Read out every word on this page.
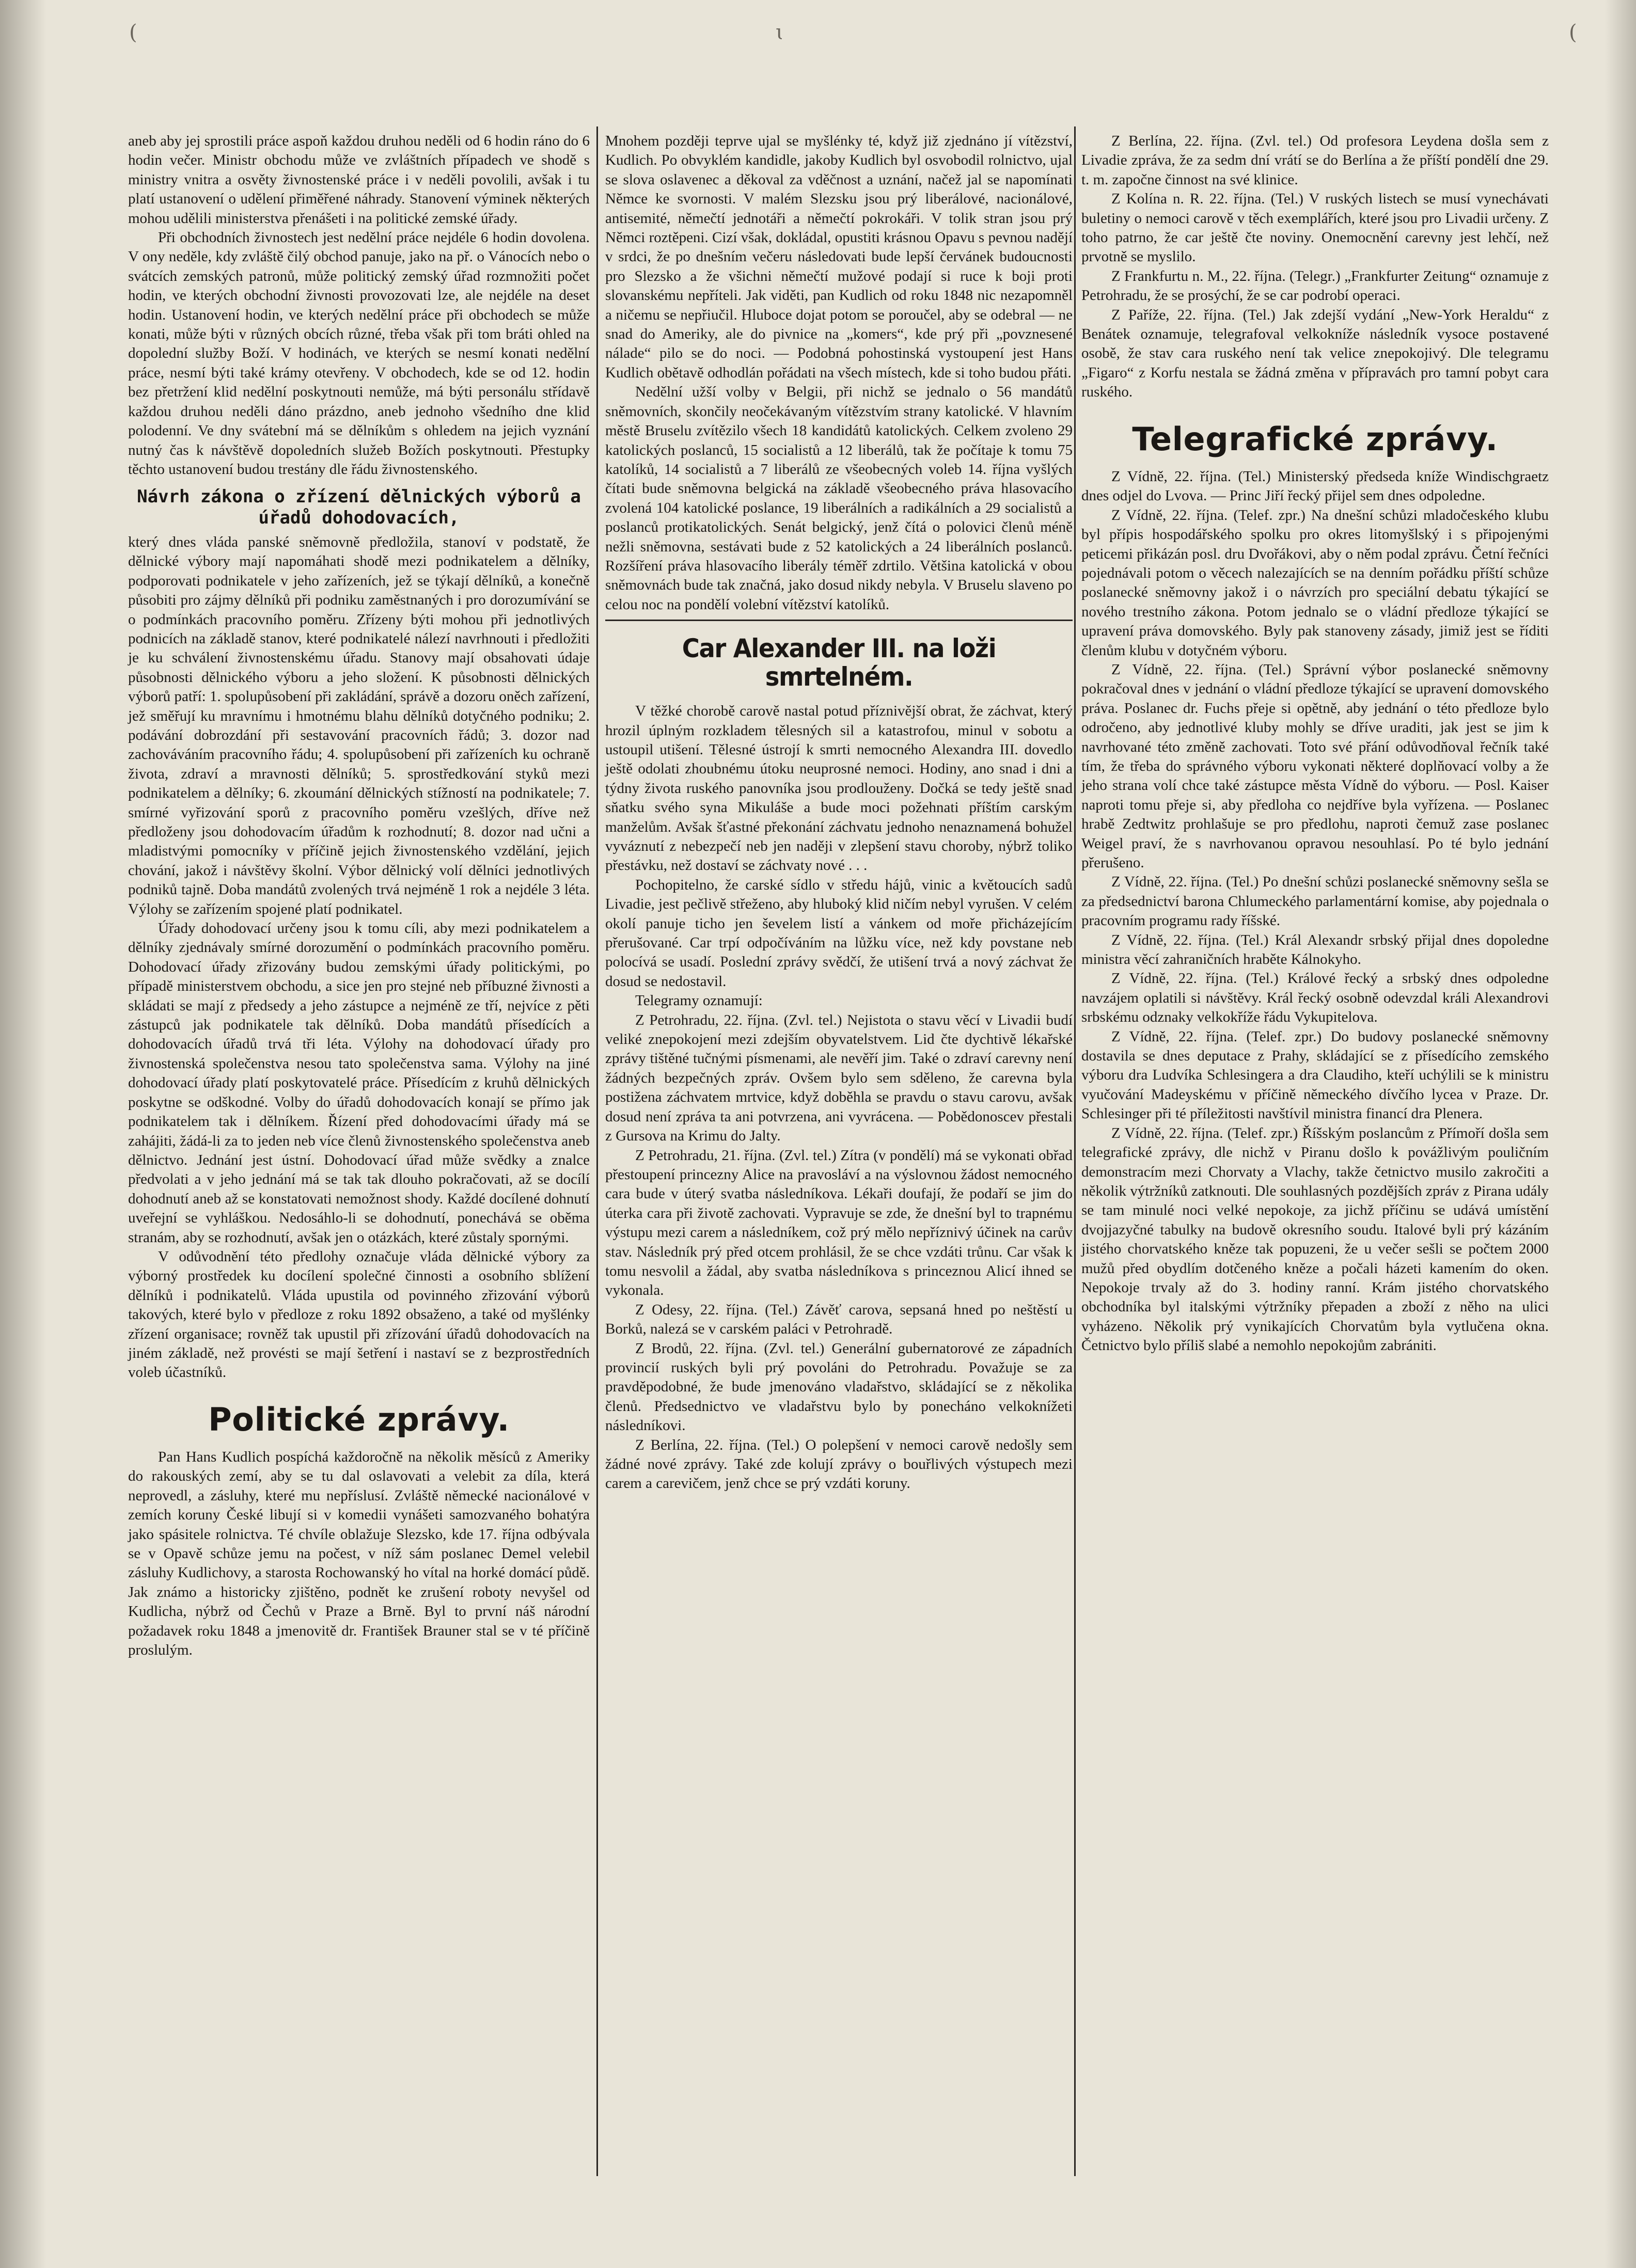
(	ɩ	(

aneb aby jej sprostili práce aspoň každou druhou neděli od 6 hodin ráno do 6 hodin večer. Ministr obchodu může ve zvláštních případech ve shodě s ministry vnitra a osvěty živnostenské práce i v neděli povolili, avšak i tu platí ustanovení o udělení přiměřené náhrady. Stanovení výminek některých mohou udělili ministerstva přenášeti i na politické zemské úřady.

Při obchodních živnostech jest nedělní práce nejdéle 6 hodin dovolena. V ony neděle, kdy zvláště čilý obchod panuje, jako na př. o Vánocích nebo o svátcích zemských patronů, může politický zemský úřad rozmnožiti počet hodin, ve kterých obchodní živnosti provozovati lze, ale nejdéle na deset hodin. Ustanovení hodin, ve kterých nedělní práce při obchodech se může konati, může býti v různých obcích různé, třeba však při tom bráti ohled na dopolední služby Boží. V hodinách, ve kterých se nesmí konati nedělní práce, nesmí býti také krámy otevřeny. V obchodech, kde se od 12. hodin bez přetržení klid nedělní poskytnouti nemůže, má býti personálu střídavě každou druhou neděli dáno prázdno, aneb jednoho všedního dne klid polodenní. Ve dny svátební má se dělníkům s ohledem na jejich vyznání nutný čas k návštěvě dopoledních služeb Božích poskytnouti. Přestupky těchto ustanovení budou trestány dle řádu živnostenského.

Návrh zákona o zřízení dělnických výborů a úřadů dohodovacích,

který dnes vláda panské sněmovně předložila, stanoví v podstatě, že dělnické výbory mají napomáhati shodě mezi podnikatelem a dělníky, podporovati podnikatele v jeho zařízeních, jež se týkají dělníků, a konečně působiti pro zájmy dělníků při podniku zaměstnaných i pro dorozumívání se o podmínkách pracovního poměru. Zřízeny býti mohou při jednotlivých podnicích na základě stanov, které podnikatelé nálezí navrhnouti i předložiti je ku schválení živnostenskému úřadu. Stanovy mají obsahovati údaje působnosti dělnického výboru a jeho složení. K působnosti dělnických výborů patří: 1. spolupůsobení při zakládání, správě a dozoru oněch zařízení, jež směřují ku mravnímu i hmotnému blahu dělníků dotyčného podniku; 2. podávání dobrozdání při sestavování pracovních řádů; 3. dozor nad zachováváním pracovního řádu; 4. spolupůsobení při zařízeních ku ochraně života, zdraví a mravnosti dělníků; 5. sprostředkování styků mezi podnikatelem a dělníky; 6. zkoumání dělnických stížností na podnikatele; 7. smírné vyřizování sporů z pracovního poměru vzešlých, dříve než předloženy jsou dohodovacím úřadům k rozhodnutí; 8. dozor nad učni a mladistvými pomocníky v příčině jejich živnostenského vzdělání, jejich chování, jakož i návštěvy školní. Výbor dělnický volí dělníci jednotlivých podniků tajně. Doba mandátů zvolených trvá nejméně 1 rok a nejdéle 3 léta. Výlohy se zařízením spojené platí podnikatel.

Úřady dohodovací určeny jsou k tomu cíli, aby mezi podnikatelem a dělníky zjednávaly smírné dorozumění o podmínkách pracovního poměru. Dohodovací úřady zřizovány budou zemskými úřady politickými, po případě ministerstvem obchodu, a sice jen pro stejné neb příbuzné živnosti a skládati se mají z předsedy a jeho zástupce a nejméně ze tří, nejvíce z pěti zástupců jak podnikatele tak dělníků. Doba mandátů přísedících a dohodovacích úřadů trvá tři léta. Výlohy na dohodovací úřady pro živnostenská společenstva nesou tato společenstva sama. Výlohy na jiné dohodovací úřady platí poskytovatelé práce. Přísedícím z kruhů dělnických poskytne se odškodné. Volby do úřadů dohodovacích konají se přímo jak podnikatelem tak i dělníkem. Řízení před dohodovacími úřady má se zahájiti, žádá-li za to jeden neb více členů živnostenského společenstva aneb dělnictvo. Jednání jest ústní. Dohodovací úřad může svědky a znalce předvolati a v jeho jednání má se tak tak dlouho pokračovati, až se docílí dohodnutí aneb až se konstatovati nemožnost shody. Každé docílené dohnutí uveřejní se vyhláškou. Nedosáhlo-li se dohodnutí, ponechává se oběma stranám, aby se rozhodnutí, avšak jen o otázkách, které zůstaly spornými.

V odůvodnění této předlohy označuje vláda dělnické výbory za výborný prostředek ku docílení společné činnosti a osobního sblížení dělníků i podnikatelů. Vláda upustila od povinného zřizování výborů takových, které bylo v předloze z roku 1892 obsaženo, a také od myšlénky zřízení organisace; rovněž tak upustil při zřízování úřadů dohodovacích na jiném základě, než provésti se mají šetření i nastaví se z bezprostředních voleb účastníků.

Politické zprávy.

Pan Hans Kudlich pospíchá každoročně na několik měsíců z Ameriky do rakouských zemí, aby se tu dal oslavovati a velebit za díla, která neprovedl, a zásluhy, které mu nepříslusí. Zvláště německé nacionálové v zemích koruny České libují si v komedii vynášeti samozvaného bohatýra jako spásitele rolnictva. Té chvíle oblažuje Slezsko, kde 17. října odbývala se v Opavě schůze jemu na počest, v níž sám poslanec Demel velebil zásluhy Kudlichovy, a starosta Rochowanský ho vítal na horké domácí půdě. Jak známo a historicky zjištěno, podnět ke zrušení roboty nevyšel od Kudlicha, nýbrž od Čechů v Praze a Brně. Byl to první náš národní požadavek roku 1848 a jmenovitě dr. František Brauner stal se v té příčině proslulým.

Mnohem později teprve ujal se myšlénky té, když již zjednáno jí vítězství, Kudlich. Po obvyklém kandidle, jakoby Kudlich byl osvobodil rolnictvo, ujal se slova oslavenec a děkoval za vděčnost a uznání, načež jal se napomínati Němce ke svornosti. V malém Slezsku jsou prý liberálové, nacionálové, antisemité, němečtí jednotáři a němečtí pokrokáři. V tolik stran jsou prý Němci roztěpeni. Cizí však, dokládal, opustiti krásnou Opavu s pevnou nadějí v srdci, že po dnešním večeru následovati bude lepší červánek budoucnosti pro Slezsko a že všichni němečtí mužové podají si ruce k boji proti slovanskému nepříteli. Jak viděti, pan Kudlich od roku 1848 nic nezapomněl a ničemu se nepřiučil. Hluboce dojat potom se poroučel, aby se odebral — ne snad do Ameriky, ale do pivnice na „komers“, kde prý při „povznesené nálade“ pilo se do noci. — Podobná pohostinská vystoupení jest Hans Kudlich obětavě odhodlán pořádati na všech místech, kde si toho budou přáti.

Nedělní užší volby v Belgii, při nichž se jednalo o 56 mandátů sněmovních, skončily neočekávaným vítězstvím strany katolické. V hlavním městě Bruselu zvítězilo všech 18 kandidátů katolických. Celkem zvoleno 29 katolických poslanců, 15 socialistů a 12 liberálů, tak že počítaje k tomu 75 katolíků, 14 socialistů a 7 liberálů ze všeobecných voleb 14. října vyšlých čítati bude sněmovna belgická na základě všeobecného práva hlasovacího zvolená 104 katolické poslance, 19 liberálních a radikálních a 29 socialistů a poslanců protikatolických. Senát belgický, jenž čítá o polovici členů méně nežli sněmovna, sestávati bude z 52 katolických a 24 liberálních poslanců. Rozšíření práva hlasovacího liberály téměř zdrtilo. Většina katolická v obou sněmovnách bude tak značná, jako dosud nikdy nebyla. V Bruselu slaveno po celou noc na pondělí volební vítězství katolíků.

Car Alexander III. na loži smrtelném.

V těžké chorobě carově nastal potud příznivější obrat, že záchvat, který hrozil úplným rozkladem tělesných sil a katastrofou, minul v sobotu a ustoupil utišení. Tělesné ústrojí k smrti nemocného Alexandra III. dovedlo ještě odolati zhoubnému útoku neuprosné nemoci. Hodiny, ano snad i dni a týdny života ruského panovníka jsou prodlouženy. Dočká se tedy ještě snad sňatku svého syna Mikuláše a bude moci požehnati příštím carským manželům. Avšak šťastné překonání záchvatu jednoho nenaznamená bohužel vyváznutí z nebezpečí neb jen naději v zlepšení stavu choroby, nýbrž toliko přestávku, než dostaví se záchvaty nové . . .

Pochopitelno, že carské sídlo v středu hájů, vinic a květoucích sadů Livadie, jest pečlivě střeženo, aby hluboký klid ničím nebyl vyrušen. V celém okolí panuje ticho jen ševelem listí a vánkem od moře přicházejícím přerušované. Car trpí odpočíváním na lůžku více, než kdy povstane neb polocívá se usadí. Poslední zprávy svědčí, že utišení trvá a nový záchvat že dosud se nedostavil.

Telegramy oznamují:

Z Petrohradu, 22. října. (Zvl. tel.) Nejistota o stavu věcí v Livadii budí veliké znepokojení mezi zdejším obyvatelstvem. Lid čte dychtivě lékařské zprávy tištěné tučnými písmenami, ale nevěří jim. Také o zdraví carevny není žádných bezpečných zpráv. Ovšem bylo sem sděleno, že carevna byla postižena záchvatem mrtvice, když doběhla se pravdu o stavu carovu, avšak dosud není zpráva ta ani potvrzena, ani vyvrácena. — Pobědonoscev přestali z Gursova na Krimu do Jalty.

Z Petrohradu, 21. října. (Zvl. tel.) Zítra (v pondělí) má se vykonati obřad přestoupení princezny Alice na pravosláví a na výslovnou žádost nemocného cara bude v úterý svatba následníkova. Lékaři doufají, že podaří se jim do úterka cara při životě zachovati. Vypravuje se zde, že dnešní byl to trapnému výstupu mezi carem a následníkem, což prý mělo nepříznivý účinek na carův stav. Následník prý před otcem prohlásil, že se chce vzdáti trůnu. Car však k tomu nesvolil a žádal, aby svatba následníkova s princeznou Alicí ihned se vykonala.

Z Odesy, 22. října. (Tel.) Závěť carova, sepsaná hned po neštěstí u Borků, nalezá se v carském paláci v Petrohradě.

Z Brodů, 22. října. (Zvl. tel.) Generální gubernatorové ze západních provincií ruských byli prý povoláni do Petrohradu. Považuje se za pravděpodobné, že bude jmenováno vladařstvo, skládající se z několika členů. Předsednictvo ve vladařstvu bylo by ponecháno velkoknížeti následníkovi.

Z Berlína, 22. října. (Tel.) O polepšení v nemoci carově nedošly sem žádné nové zprávy. Také zde kolují zprávy o bouřlivých výstupech mezi carem a carevičem, jenž chce se prý vzdáti koruny.

Z Berlína, 22. října. (Zvl. tel.) Od profesora Leydena došla sem z Livadie zpráva, že za sedm dní vrátí se do Berlína a že příští pondělí dne 29. t. m. započne činnost na své klinice.

Z Kolína n. R. 22. října. (Tel.) V ruských listech se musí vynechávati buletiny o nemoci carově v těch exemplářích, které jsou pro Livadii určeny. Z toho patrno, že car ještě čte noviny. Onemocnění carevny jest lehčí, než prvotně se myslilo.

Z Frankfurtu n. M., 22. října. (Telegr.) „Frankfurter Zeitung“ oznamuje z Petrohradu, že se prosýchí, že se car podrobí operaci.

Z Paříže, 22. října. (Tel.) Jak zdejší vydání „New-York Heraldu“ z Benátek oznamuje, telegrafoval velkokníže následník vysoce postavené osobě, že stav cara ruského není tak velice znepokojivý. Dle telegramu „Figaro“ z Korfu nestala se žádná změna v přípravách pro tamní pobyt cara ruského.

Telegrafické zprávy.

Z Vídně, 22. října. (Tel.) Ministerský předseda kníže Windischgraetz dnes odjel do Lvova. — Princ Jiří řecký přijel sem dnes odpoledne.

Z Vídně, 22. října. (Telef. zpr.) Na dnešní schůzi mladočeského klubu byl přípis hospodářského spolku pro okres litomyšlský i s připojenými peticemi přikázán posl. dru Dvořákovi, aby o něm podal zprávu. Četní řečníci pojednávali potom o věcech nalezajících se na denním pořádku příští schůze poslanecké sněmovny jakož i o návrzích pro speciální debatu týkající se nového trestního zákona. Potom jednalo se o vládní předloze týkající se upravení práva domovského. Byly pak stanoveny zásady, jimiž jest se říditi členům klubu v dotyčném výboru.

Z Vídně, 22. října. (Tel.) Správní výbor poslanecké sněmovny pokračoval dnes v jednání o vládní předloze týkající se upravení domovského práva. Poslanec dr. Fuchs přeje si opětně, aby jednání o této předloze bylo odročeno, aby jednotlivé kluby mohly se dříve uraditi, jak jest se jim k navrhované této změně zachovati. Toto své přání odůvodňoval řečník také tím, že třeba do správného výboru vykonati některé doplňovací volby a že jeho strana volí chce také zástupce města Vídně do výboru. — Posl. Kaiser naproti tomu přeje si, aby předloha co nejdříve byla vyřízena. — Poslanec hrabě Zedtwitz prohlašuje se pro předlohu, naproti čemuž zase poslanec Weigel praví, že s navrhovanou opravou nesouhlasí. Po té bylo jednání přerušeno.

Z Vídně, 22. října. (Tel.) Po dnešní schůzi poslanecké sněmovny sešla se za předsednictví barona Chlumeckého parlamentární komise, aby pojednala o pracovním programu rady říšské.

Z Vídně, 22. října. (Tel.) Král Alexandr srbský přijal dnes dopoledne ministra věcí zahraničních hraběte Kálnokyho.

Z Vídně, 22. října. (Tel.) Králové řecký a srbský dnes odpoledne navzájem oplatili si návštěvy. Král řecký osobně odevzdal králi Alexandrovi srbskému odznaky velkokříže řádu Vykupitelova.

Z Vídně, 22. října. (Telef. zpr.) Do budovy poslanecké sněmovny dostavila se dnes deputace z Prahy, skládající se z přísedícího zemského výboru dra Ludvíka Schlesingera a dra Claudiho, kteří uchýlili se k ministru vyučování Madeyskému v příčině německého dívčího lycea v Praze. Dr. Schlesinger při té příležitosti navštívil ministra financí dra Plenera.

Z Vídně, 22. října. (Telef. zpr.) Říšským poslancům z Přímoří došla sem telegrafické zprávy, dle nichž v Piranu došlo k povážlivým pouličním demonstracím mezi Chorvaty a Vlachy, takže četnictvo musilo zakročiti a několik výtržníků zatknouti. Dle souhlasných pozdějších zpráv z Pirana udály se tam minulé noci velké nepokoje, za jichž příčinu se udává umístění dvojjazyčné tabulky na budově okresního soudu. Italové byli prý kázáním jistého chorvatského kněze tak popuzeni, že u večer sešli se počtem 2000 mužů před obydlím dotčeného kněze a počali házeti kamením do oken. Nepokoje trvaly až do 3. hodiny ranní. Krám jistého chorvatského obchodníka byl italskými výtržníky přepaden a zboží z něho na ulici vyházeno. Několik prý vynikajících Chorvatům byla vytlučena okna. Četnictvo bylo příliš slabé a nemohlo nepokojům zabrániti.
